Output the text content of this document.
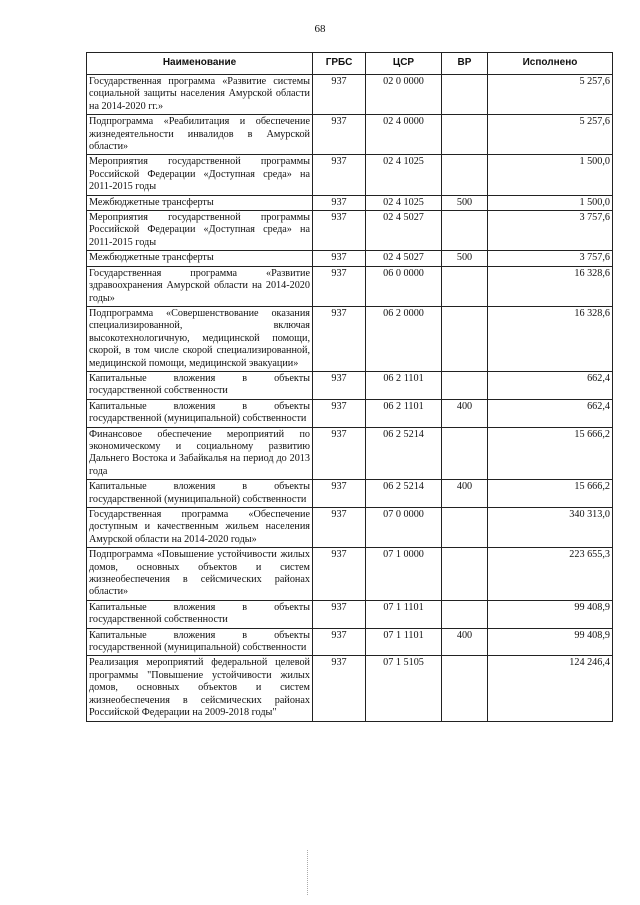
68
Наименование	ГРБС	ЦСР	ВР	Исполнено
Государственная программа «Развитие системы социальной защиты населения Амурской области на 2014-2020 гг.»	937	02 0 0000		5 257,6
Подпрограмма «Реабилитация и обеспечение жизнедеятельности инвалидов в Амурской области»	937	02 4 0000		5 257,6
Мероприятия государственной программы Российской Федерации «Доступная среда» на 2011-2015 годы	937	02 4 1025		1 500,0
Межбюджетные трансферты	937	02 4 1025	500	1 500,0
Мероприятия государственной программы Российской Федерации «Доступная среда» на 2011-2015 годы	937	02 4 5027		3 757,6
Межбюджетные трансферты	937	02 4 5027	500	3 757,6
Государственная программа «Развитие здравоохранения Амурской области на 2014-2020 годы»	937	06 0 0000		16 328,6
Подпрограмма «Совершенствование оказания специализированной, включая высокотехнологичную, медицинской помощи, скорой, в том числе скорой специализированной, медицинской помощи, медицинской эвакуации»	937	06 2 0000		16 328,6
Капитальные вложения в объекты государственной собственности	937	06 2 1101		662,4
Капитальные вложения в объекты государственной (муниципальной) собственности	937	06 2 1101	400	662,4
Финансовое обеспечение мероприятий по экономическому и социальному развитию Дальнего Востока и Забайкалья на период до 2013 года	937	06 2 5214		15 666,2
Капитальные вложения в объекты государственной (муниципальной) собственности	937	06 2 5214	400	15 666,2
Государственная программа «Обеспечение доступным и качественным жильем населения Амурской области на 2014-2020 годы»	937	07 0 0000		340 313,0
Подпрограмма «Повышение устойчивости жилых домов, основных объектов и систем жизнеобеспечения в сейсмических районах области»	937	07 1 0000		223 655,3
Капитальные вложения в объекты государственной собственности	937	07 1 1101		99 408,9
Капитальные вложения в объекты государственной (муниципальной) собственности	937	07 1 1101	400	99 408,9
Реализация мероприятий федеральной целевой программы "Повышение устойчивости жилых домов, основных объектов и систем жизнеобеспечения в сейсмических районах Российской Федерации на 2009-2018 годы"	937	07 1 5105		124 246,4
